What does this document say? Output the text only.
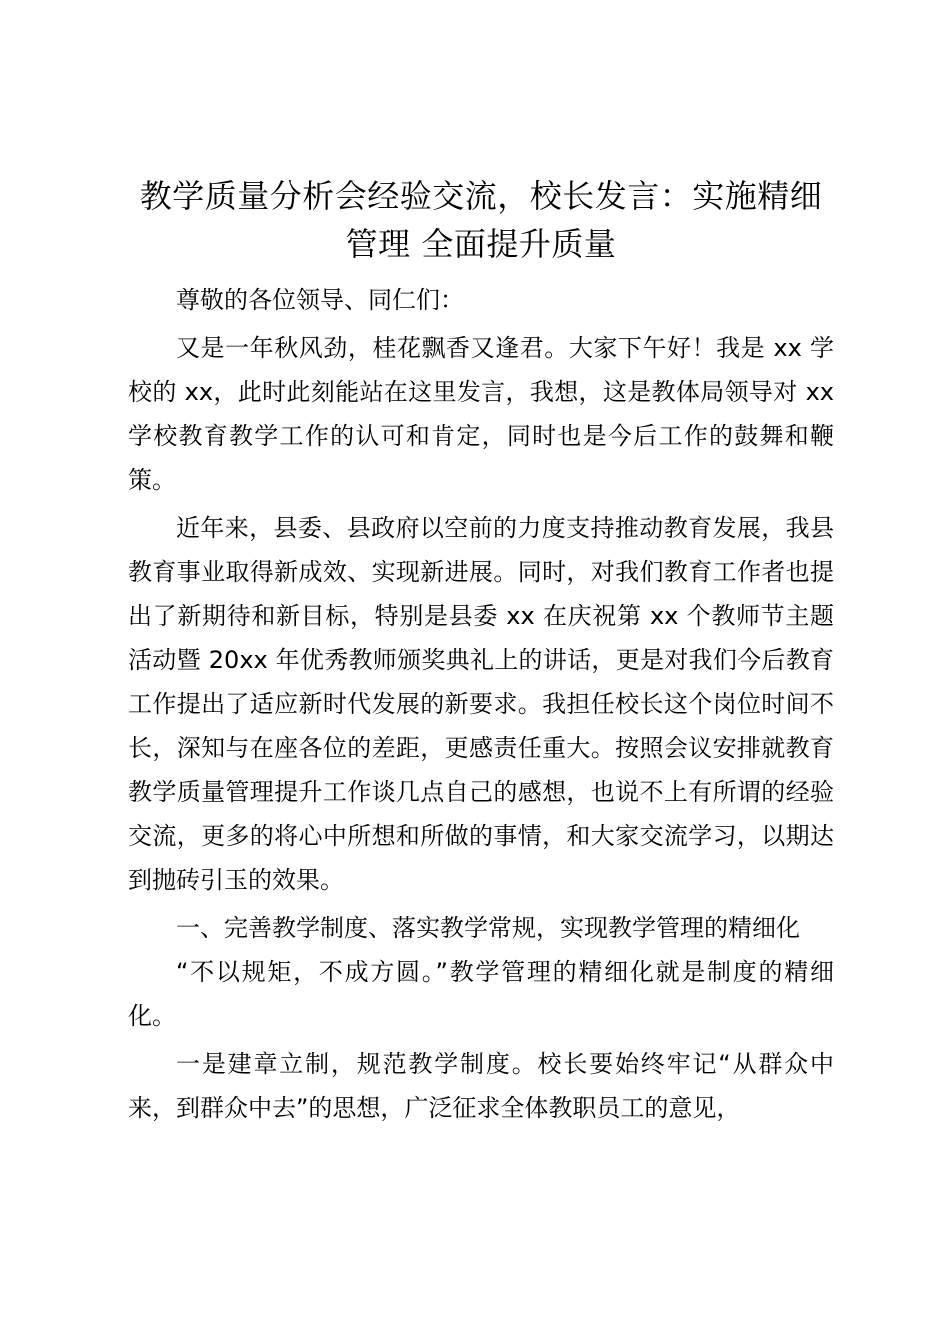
教学质量分析会经验交流，校长发言：实施精细管理 全面提升质量

尊敬的各位领导、同仁们：

又是一年秋风劲，桂花飘香又逢君。大家下午好！我是 xx 学校的 xx，此时此刻能站在这里发言，我想，这是教体局领导对 xx 学校教育教学工作的认可和肯定，同时也是今后工作的鼓舞和鞭策。

近年来，县委、县政府以空前的力度支持推动教育发展，我县教育事业取得新成效、实现新进展。同时，对我们教育工作者也提出了新期待和新目标，特别是县委 xx 在庆祝第 xx 个教师节主题活动暨 20xx 年优秀教师颁奖典礼上的讲话，更是对我们今后教育工作提出了适应新时代发展的新要求。我担任校长这个岗位时间不长，深知与在座各位的差距，更感责任重大。按照会议安排就教育教学质量管理提升工作谈几点自己的感想，也说不上有所谓的经验交流，更多的将心中所想和所做的事情，和大家交流学习，以期达到抛砖引玉的效果。

一、完善教学制度、落实教学常规，实现教学管理的精细化

“不以规矩，不成方圆。”教学管理的精细化就是制度的精细化。

一是建章立制，规范教学制度。校长要始终牢记“从群众中来，到群众中去”的思想，广泛征求全体教职员工的意见，
